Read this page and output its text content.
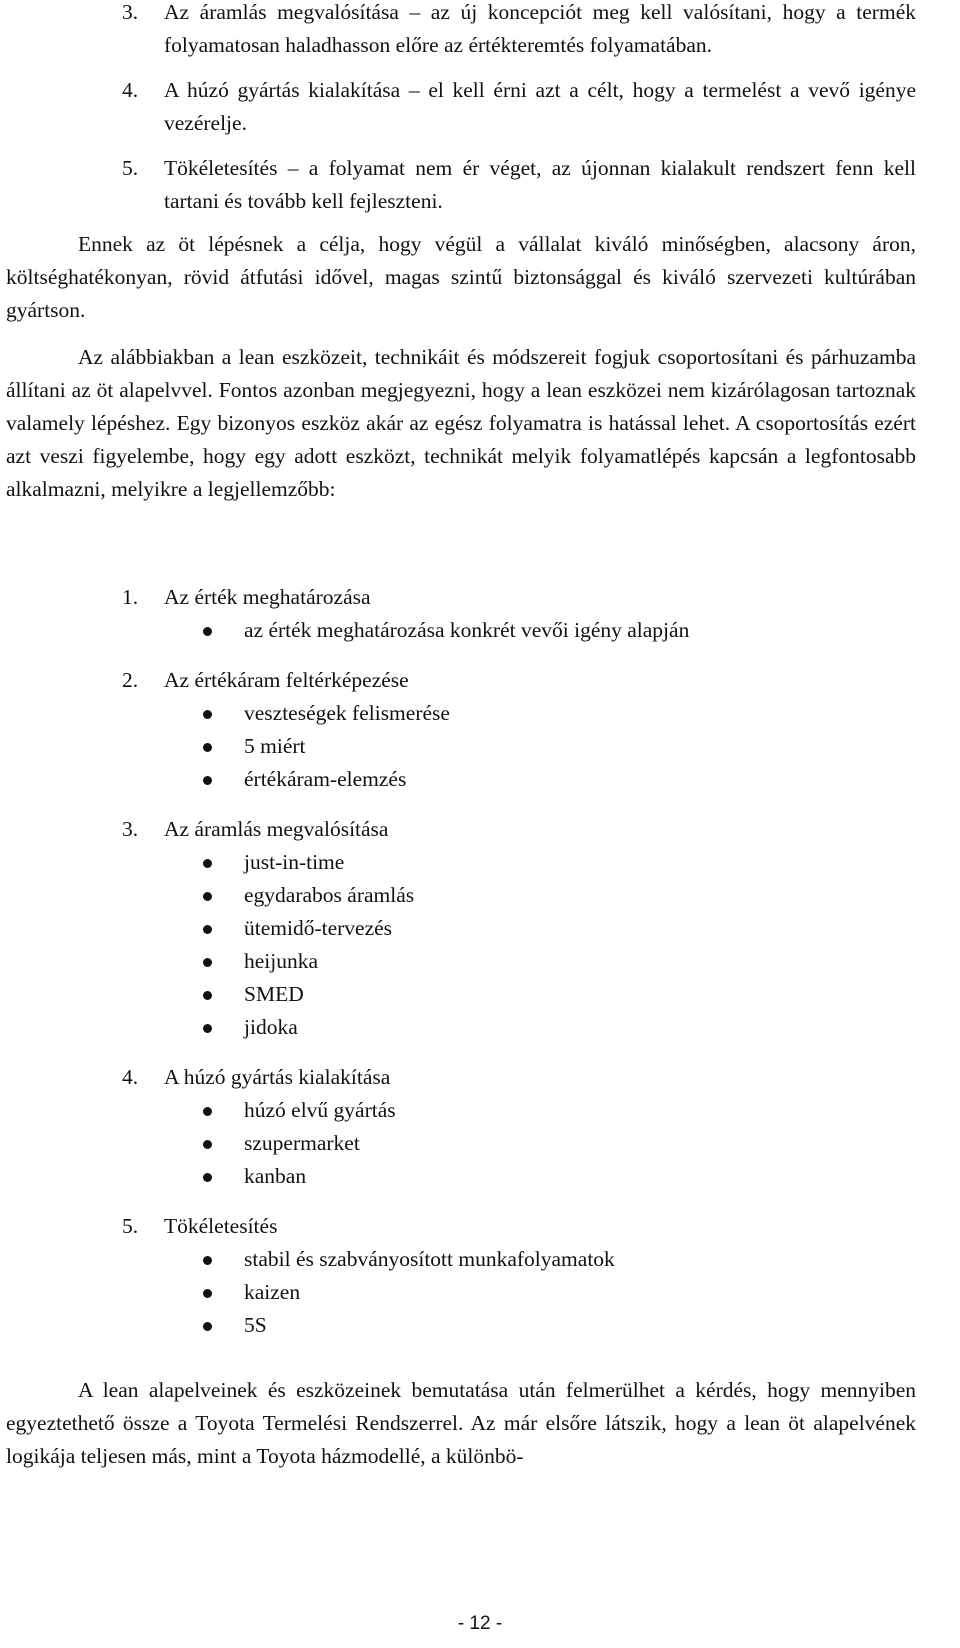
3. Az áramlás megvalósítása – az új koncepciót meg kell valósítani, hogy a termék folyamatosan haladhasson előre az értékteremtés folyamatában.
4. A húzó gyártás kialakítása – el kell érni azt a célt, hogy a termelést a vevő igénye vezérelje.
5. Tökéletesítés – a folyamat nem ér véget, az újonnan kialakult rendszert fenn kell tartani és tovább kell fejleszteni.
Ennek az öt lépésnek a célja, hogy végül a vállalat kiváló minőségben, alacsony áron, költséghatékonyan, rövid átfutási idővel, magas szintű biztonsággal és kiváló szervezeti kultúrában gyártson.
Az alábbiakban a lean eszközeit, technikáit és módszereit fogjuk csoportosítani és párhuzamba állítani az öt alapelvvel. Fontos azonban megjegyezni, hogy a lean eszközei nem kizárólagosan tartoznak valamely lépéshez. Egy bizonyos eszköz akár az egész folyamatra is hatással lehet. A csoportosítás ezért azt veszi figyelembe, hogy egy adott eszközt, technikát melyik folyamatlépés kapcsán a legfontosabb alkalmazni, melyikre a legjellemzőbb:
1. Az érték meghatározása
az érték meghatározása konkrét vevői igény alapján
2. Az értékáram feltérképezése
veszteségek felismerése
5 miért
értékáram-elemzés
3. Az áramlás megvalósítása
just-in-time
egydarabos áramlás
ütemidő-tervezés
heijunka
SMED
jidoka
4. A húzó gyártás kialakítása
húzó elvű gyártás
szupermarket
kanban
5. Tökéletesítés
stabil és szabványosított munkafolyamatok
kaizen
5S
A lean alapelveinek és eszközeinek bemutatása után felmerülhet a kérdés, hogy mennyiben egyeztethető össze a Toyota Termelési Rendszerrel. Az már elsőre látszik, hogy a lean öt alapelvének logikája teljesen más, mint a Toyota házmodellé, a különbö-
- 12 -
